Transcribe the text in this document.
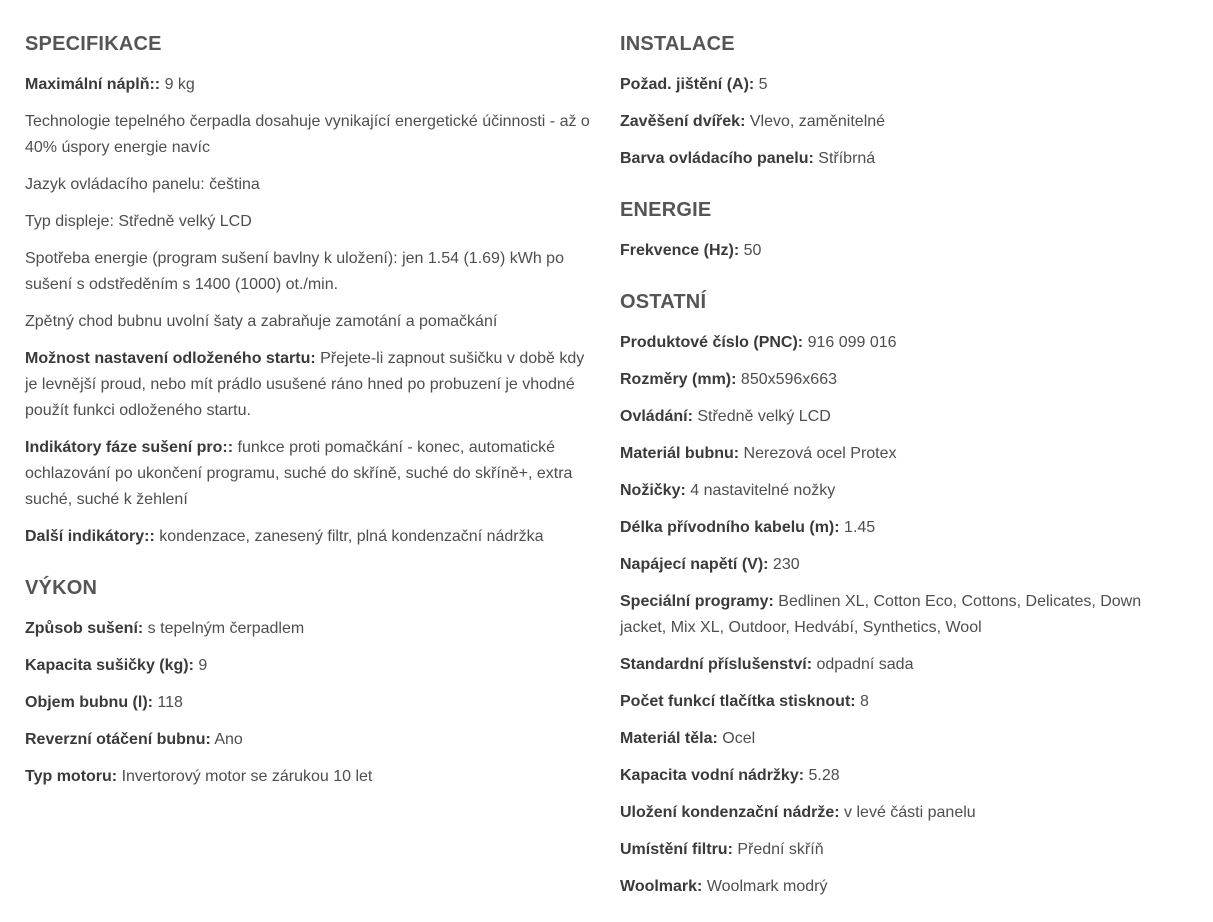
SPECIFIKACE
Maximální náplň:: 9 kg
Technologie tepelného čerpadla dosahuje vynikající energetické účinnosti - až o 40% úspory energie navíc
Jazyk ovládacího panelu: čeština
Typ displeje: Středně velký LCD
Spotřeba energie (program sušení bavlny k uložení): jen 1.54 (1.69) kWh po sušení s odstředěním s 1400 (1000) ot./min.
Zpětný chod bubnu uvolní šaty a zabraňuje zamotání a pomačkání
Možnost nastavení odloženého startu: Přejete-li zapnout sušičku v době kdy je levnější proud, nebo mít prádlo usušené ráno hned po probuzení je vhodné použít funkci odloženého startu.
Indikátory fáze sušení pro:: funkce proti pomačkání - konec, automatické ochlazování po ukončení programu, suché do skříně, suché do skříně+, extra suché, suché k žehlení
Další indikátory:: kondenzace, zanesený filtr, plná kondenzační nádržka
VÝKON
Způsob sušení: s tepelným čerpadlem
Kapacita sušičky (kg): 9
Objem bubnu (l): 118
Reverzní otáčení bubnu: Ano
Typ motoru: Invertorový motor se zárukou 10 let
INSTALACE
Požad. jištění (A): 5
Zavěšení dvířek: Vlevo, zaměnitelné
Barva ovládacího panelu: Stříbrná
ENERGIE
Frekvence (Hz): 50
OSTATNÍ
Produktové číslo (PNC): 916 099 016
Rozměry (mm): 850x596x663
Ovládání: Středně velký LCD
Materiál bubnu: Nerezová ocel Protex
Nožičky: 4 nastavitelné nožky
Délka přívodního kabelu (m): 1.45
Napájecí napětí (V): 230
Speciální programy: Bedlinen XL, Cotton Eco, Cottons, Delicates, Down jacket, Mix XL, Outdoor, Hedvábí, Synthetics, Wool
Standardní příslušenství: odpadní sada
Počet funkcí tlačítka stisknout: 8
Materiál těla: Ocel
Kapacita vodní nádržky: 5.28
Uložení kondenzační nádrže: v levé části panelu
Umístění filtru: Přední skříň
Woolmark: Woolmark modrý
